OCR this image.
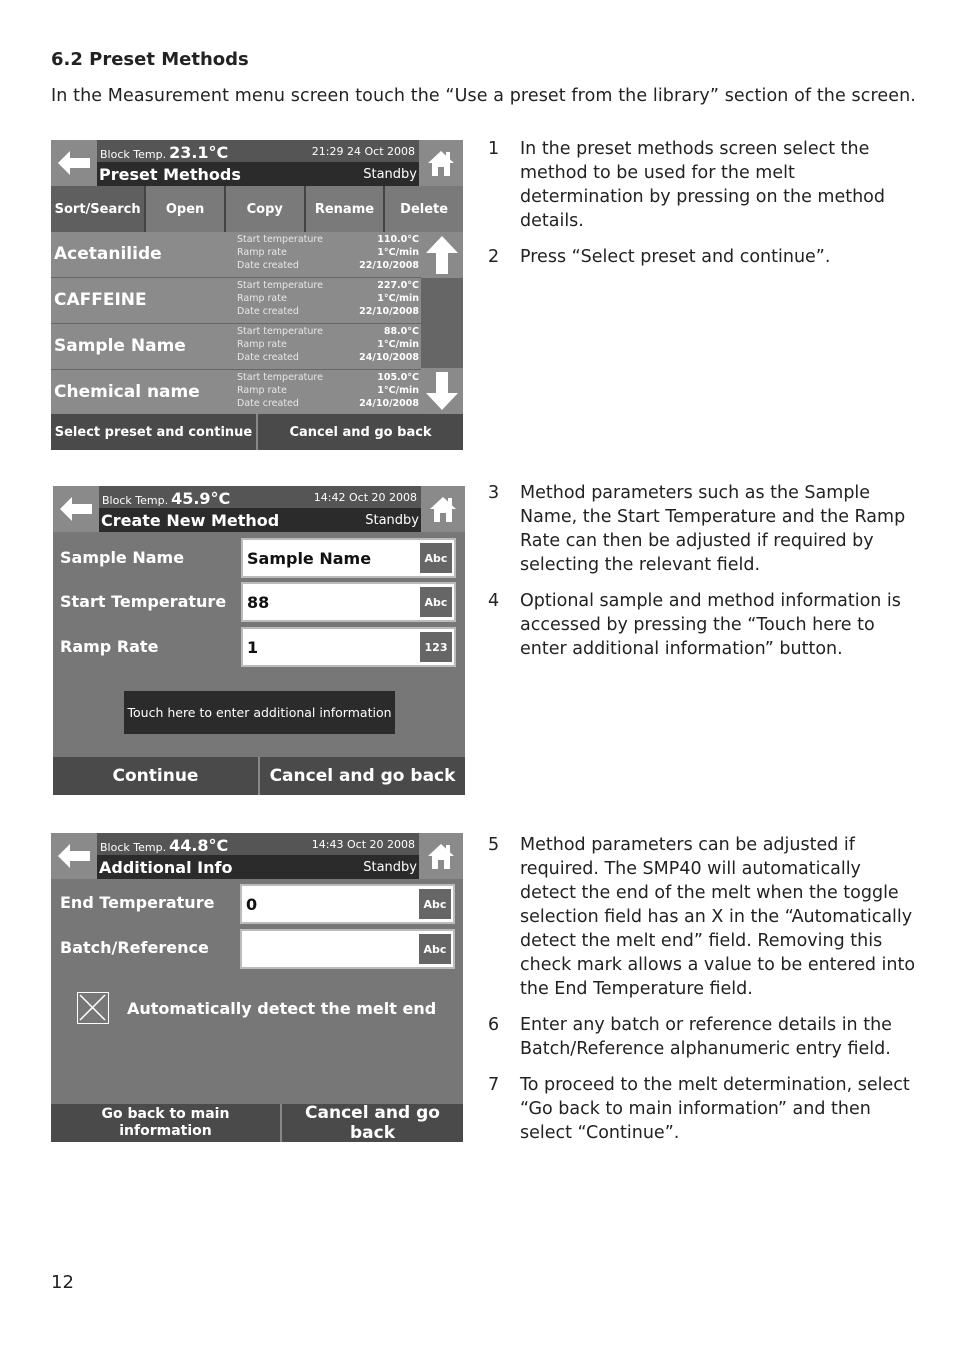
6.2 Preset Methods
In the Measurement menu screen touch the “Use a preset from the library” section of the screen.
Block Temp. 23.1°C	21:29 24 Oct 2008
Preset Methods	Standby
Sort/Search	Open	Copy	Rename	Delete
Acetanilide
Start temperature	110.0°C
Ramp rate	1°C/min
Date created	22/10/2008
CAFFEINE
Start temperature	227.0°C
Ramp rate	1°C/min
Date created	22/10/2008
Sample Name
Start temperature	88.0°C
Ramp rate	1°C/min
Date created	24/10/2008
Chemical name
Start temperature	105.0°C
Ramp rate	1°C/min
Date created	24/10/2008
Select preset and continue	Cancel and go back
Block Temp. 45.9°C	14:42 Oct 20 2008
Create New Method	Standby
Sample Name	Sample Name	Abc
Start Temperature 88	Abc
Ramp Rate	1	123
Touch here to enter additional information
Continue	Cancel and go back
Block Temp. 44.8°C	14:43 Oct 20 2008
Additional Info	Standby
End Temperature 0	Abc
Batch/Reference	Abc
Automatically detect the melt end
Go back to main information
Cancel and go back
1	In the preset methods screen select the method to be used for the melt determination by pressing on the method details.
2	Press “Select preset and continue”.
3	Method parameters such as the Sample Name, the Start Temperature and the Ramp Rate can then be adjusted if required by selecting the relevant field.
4	Optional sample and method information is accessed by pressing the “Touch here to enter additional information” button.
5	Method parameters can be adjusted if required. The SMP40 will automatically detect the end of the melt when the toggle selection field has an X in the “Automatically detect the melt end” field. Removing this check mark allows a value to be entered into the End Temperature field.
6	Enter any batch or reference details in the Batch/Reference alphanumeric entry field.
7	To proceed to the melt determination, select “Go back to main information” and then select “Continue”.
12
